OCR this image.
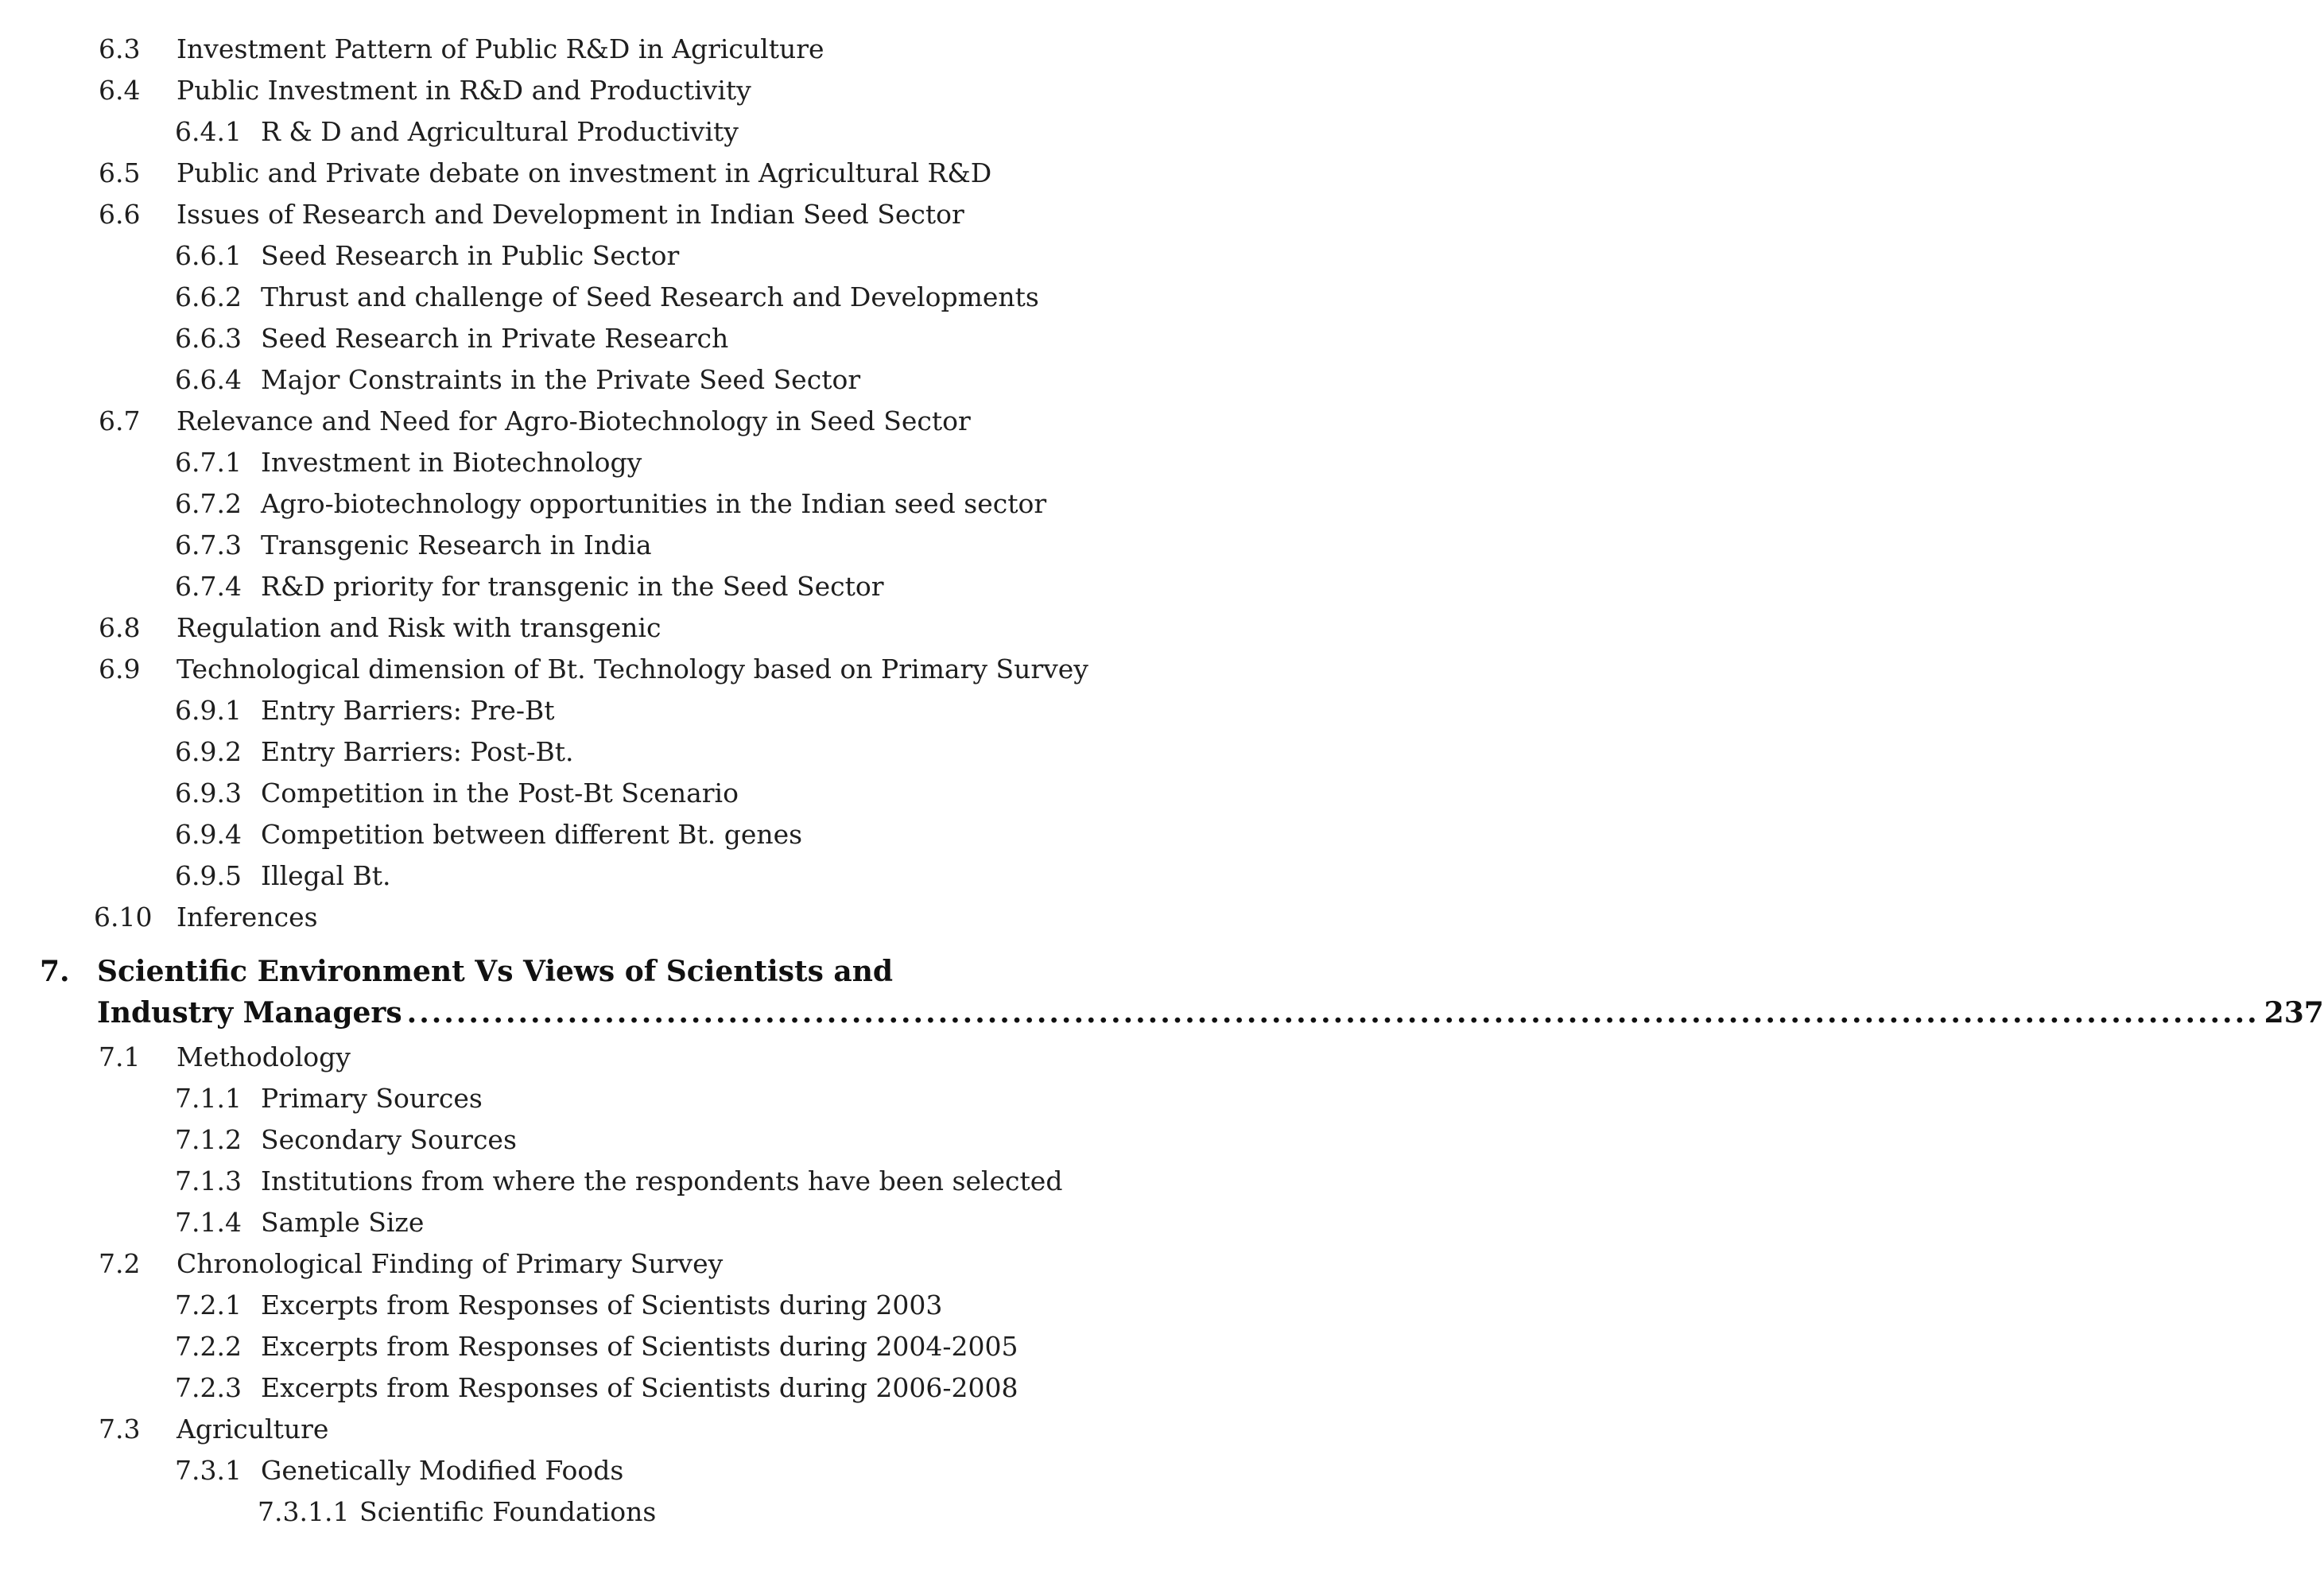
6.3 Investment Pattern of Public R&D in Agriculture
6.4 Public Investment in R&D and Productivity
6.4.1 R & D and Agricultural Productivity
6.5 Public and Private debate on investment in Agricultural R&D
6.6 Issues of Research and Development in Indian Seed Sector
6.6.1 Seed Research in Public Sector
6.6.2 Thrust and challenge of Seed Research and Developments
6.6.3 Seed Research in Private Research
6.6.4 Major Constraints in the Private Seed Sector
6.7 Relevance and Need for Agro-Biotechnology in Seed Sector
6.7.1 Investment in Biotechnology
6.7.2 Agro-biotechnology opportunities in the Indian seed sector
6.7.3 Transgenic Research in India
6.7.4 R&D priority for transgenic in the Seed Sector
6.8 Regulation and Risk with transgenic
6.9 Technological dimension of Bt. Technology based on Primary Survey
6.9.1 Entry Barriers: Pre-Bt
6.9.2 Entry Barriers: Post-Bt.
6.9.3 Competition in the Post-Bt Scenario
6.9.4 Competition between different Bt. genes
6.9.5 Illegal Bt.
6.10 Inferences
7. Scientific Environment Vs Views of Scientists and
Industry Managers ...................................................................................................................................................... 237
7.1 Methodology
7.1.1 Primary Sources
7.1.2 Secondary Sources
7.1.3 Institutions from where the respondents have been selected
7.1.4 Sample Size
7.2 Chronological Finding of Primary Survey
7.2.1 Excerpts from Responses of Scientists during 2003
7.2.2 Excerpts from Responses of Scientists during 2004-2005
7.2.3 Excerpts from Responses of Scientists during 2006-2008
7.3 Agriculture
7.3.1 Genetically Modified Foods
7.3.1.1 Scientific Foundations
